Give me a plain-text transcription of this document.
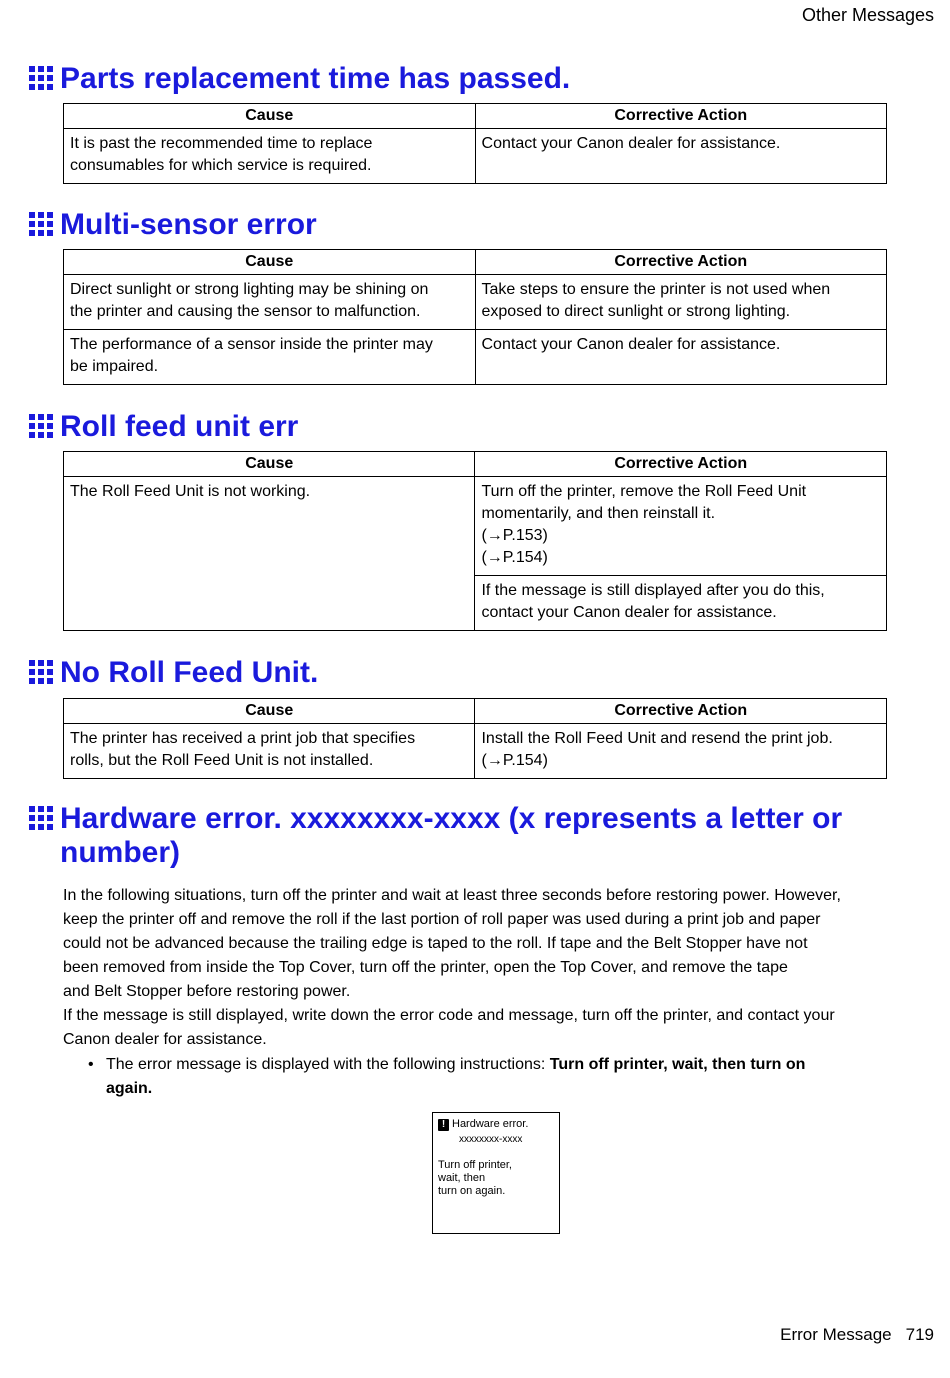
Other Messages
Parts replacement time has passed.
Cause	Corrective Action

It is past the recommended time to replace
consumables for which service is required.	Contact your Canon dealer for assistance.
Multi-sensor error
Cause	Corrective Action

Direct sunlight or strong lighting may be shining on
the printer and causing the sensor to malfunction.	Take steps to ensure the printer is not used when
exposed to direct sunlight or strong lighting.

The performance of a sensor inside the printer may
be impaired.	Contact your Canon dealer for assistance.
Roll feed unit err
Cause	Corrective Action

The Roll Feed Unit is not working.	Turn off the printer, remove the Roll Feed Unit
momentarily, and then reinstall it.
(→P.153)
(→P.154)

	If the message is still displayed after you do this,
contact your Canon dealer for assistance.
No Roll Feed Unit.
Cause	Corrective Action

The printer has received a print job that specifies
rolls, but the Roll Feed Unit is not installed.	Install the Roll Feed Unit and resend the print job.
(→P.154)
Hardware error. xxxxxxxx-xxxx (x represents a letter or
number)

In the following situations, turn off the printer and wait at least three seconds before restoring power. However,
keep the printer off and remove the roll if the last portion of roll paper was used during a print job and paper
could not be advanced because the trailing edge is taped to the roll. If tape and the Belt Stopper have not
been removed from inside the Top Cover, turn off the printer, open the Top Cover, and remove the tape
and Belt Stopper before restoring power.

If the message is still displayed, write down the error code and message, turn off the printer, and contact your
Canon dealer for assistance.

• The error message is displayed with the following instructions: Turn off printer, wait, then turn on
again.
! Hardware error.
xxxxxxxx-xxxx
Turn off printer,
wait, then
turn on again.
Error Message 719
